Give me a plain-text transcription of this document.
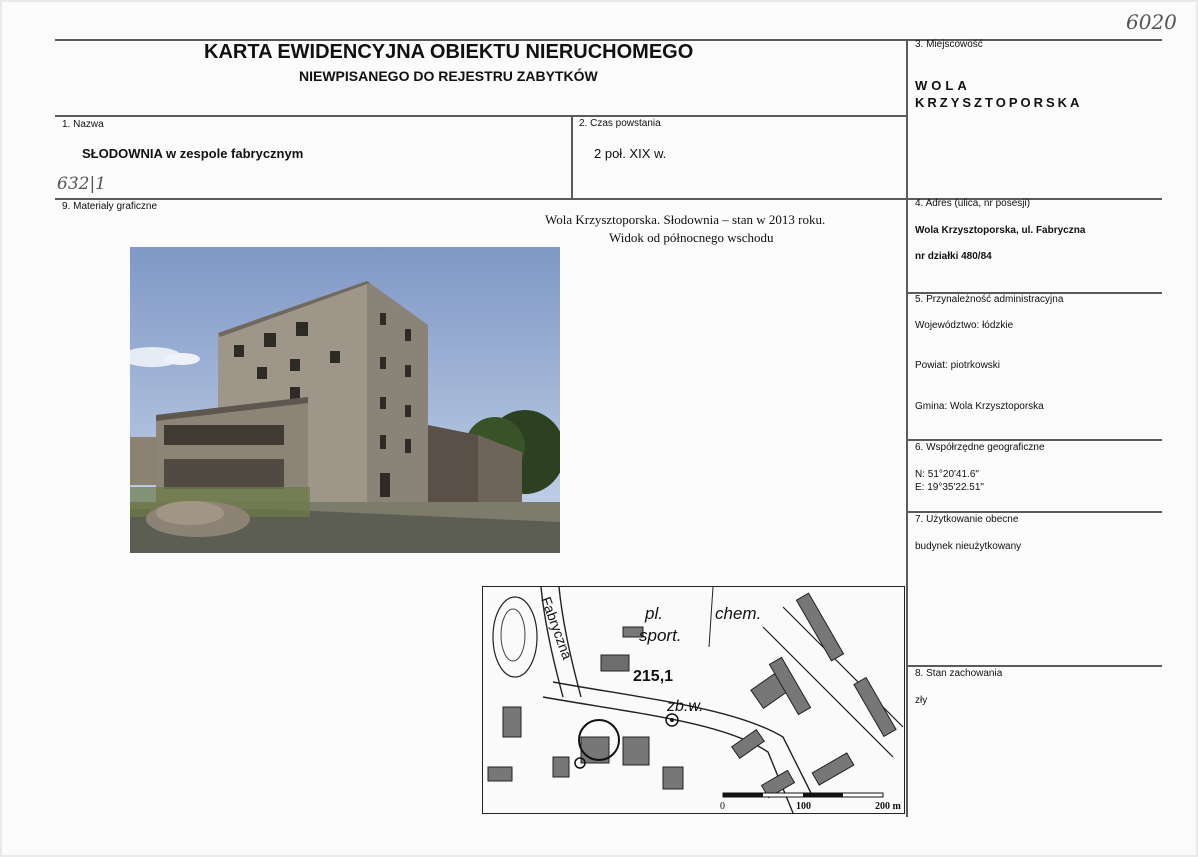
6020
KARTA EWIDENCYJNA OBIEKTU NIERUCHOMEGO
NIEWPISANEGO DO REJESTRU ZABYTKÓW
3. Miejscowość
WOLA
KRZYSZTOPORSKA
1. Nazwa
SŁODOWNIA w zespole fabrycznym
632|1
2. Czas powstania
2 poł. XIX w.
9. Materiały graficzne
Wola Krzysztoporska. Słodownia – stan w 2013 roku.
Widok od północnego wschodu
4. Adres (ulica, nr posesji)
Wola Krzysztoporska, ul. Fabryczna
nr działki 480/84
5. Przynależność administracyjna
Województwo: łódzkie
Powiat: piotrkowski
Gmina: Wola Krzysztoporska
6. Współrzędne geograficzne
N: 51°20'41.6"
E: 19°35'22.51"
7. Użytkowanie obecne
budynek nieużytkowany
8. Stan zachowania
zły
Fabryczna	pl.
sport.
chem.
215,1
zb.w.
0	100	200 m
